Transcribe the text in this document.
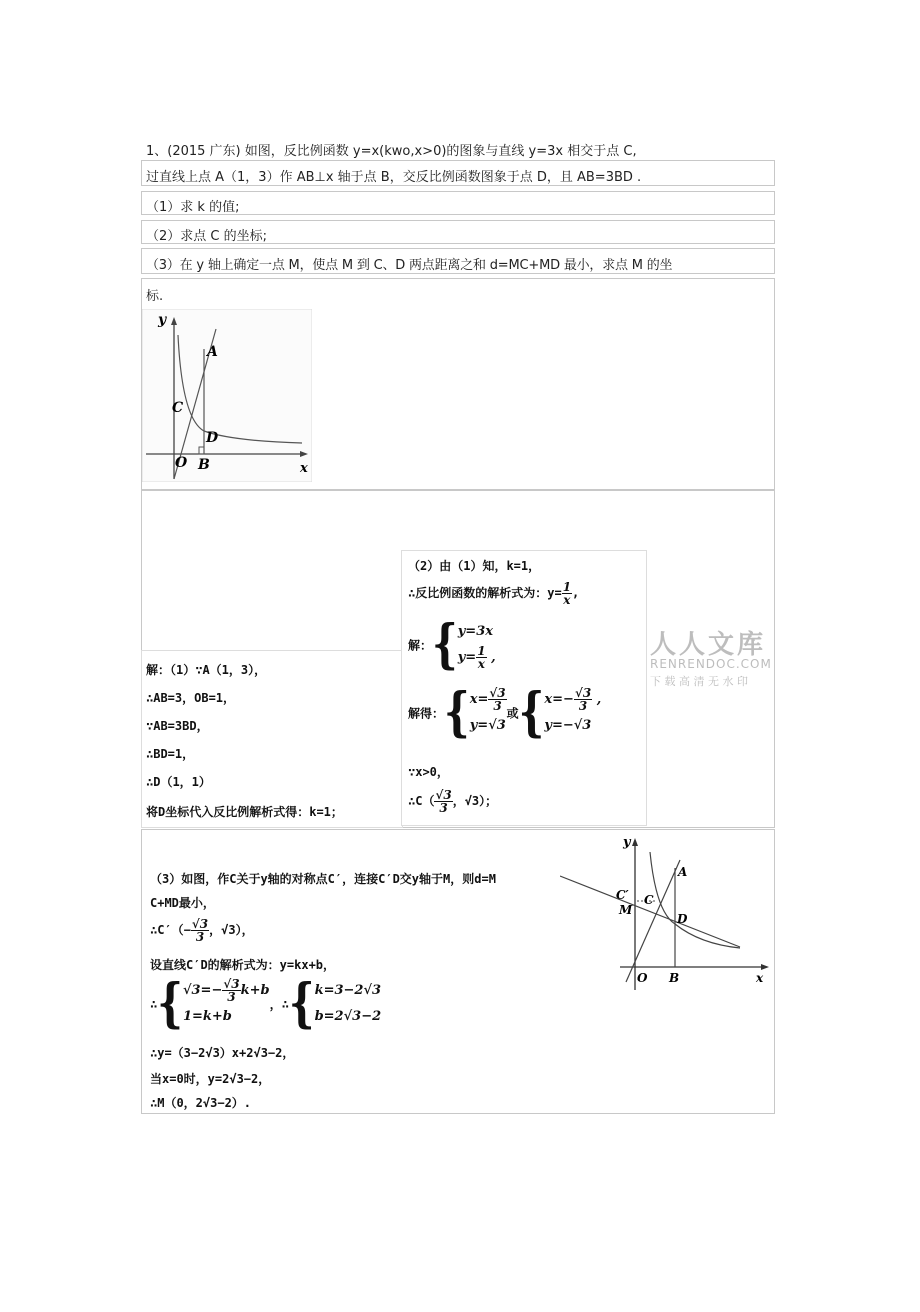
1、(2015 广东) 如图，反比例函数 y=x(kwo,x>0)的图象与直线 y=3x 相交于点 C,
过直线上点 A（1，3）作 AB⊥x 轴于点 B，交反比例函数图象于点 D，且 AB=3BD .
（1）求 k 的值;
（2）求点 C 的坐标;
（3）在 y 轴上确定一点 M，使点 M 到 C、D 两点距离之和 d=MC+MD 最小，求点 M 的坐
标.
y
A
C
D
O B	x
解：（1）∵A（1，3），
∴AB=3，OB=1，
∵AB=3BD，
∴BD=1，
∴D（1，1）
将D坐标代入反比例解析式得：k=1；
（2）由（1）知，k=1，
∴反比例函数的解析式为：$y= \frac{1}{x}$ ,
解：{ y=3x
$y= \frac{1}{x}$ ,
解得：{ $x= \frac{√3}{3}$
y=√3
或{ $x=- \frac{√3}{3}$ ,
y=−√3
∵x>0，
∴C（ $\frac{√3}{3}$ ，√3）；
人人文库
RENRENDOC.COM
下 载 高 清 无 水 印
（3）如图，作C关于y轴的对称点C′，连接C′D交y轴于M，则d=M
C+MD最小，
∴C′（− $\frac{√3}{3}$ ，√3），
设直线C′D的解析式为：y=kx+b，
∴{ $√3=- \frac{√3}{3} k+b$
1=k+b
，∴{ k=3−2√3
b=2√3−2
∴y=（3−2√3）x+2√3−2，
当x=0时，y=2√3−2，
∴M（0，2√3−2）.
y
A
C′ C
M
D
O B	x
